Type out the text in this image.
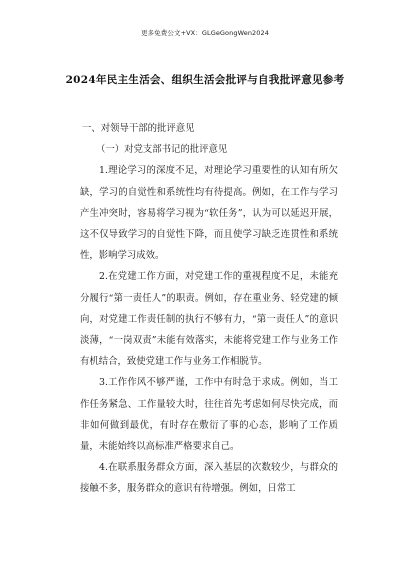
更多免费公文+VX：GLGeGongWen2024
2024年民主生活会、组织生活会批评与自我批评意见参考

一、对领导干部的批评意见

（一）对党支部书记的批评意见

1.理论学习的深度不足，对理论学习重要性的认知有所欠缺，学习的自觉性和系统性均有待提高。例如，在工作与学习产生冲突时，容易将学习视为“软任务”，认为可以延迟开展，这不仅导致学习的自觉性下降，而且使学习缺乏连贯性和系统性，影响学习成效。

2.在党建工作方面，对党建工作的重视程度不足，未能充分履行“第一责任人”的职责。例如，存在重业务、轻党建的倾向，对党建工作责任制的执行不够有力，“第一责任人”的意识淡薄，“一岗双责”未能有效落实，未能将党建工作与业务工作有机结合，致使党建工作与业务工作相脱节。

3.工作作风不够严谨，工作中有时急于求成。例如，当工作任务紧急、工作量较大时，往往首先考虑如何尽快完成，而非如何做到最优，有时存在敷衍了事的心态，影响了工作质量，未能始终以高标准严格要求自己。

4.在联系服务群众方面，深入基层的次数较少，与群众的接触不多，服务群众的意识有待增强。例如，日常工
